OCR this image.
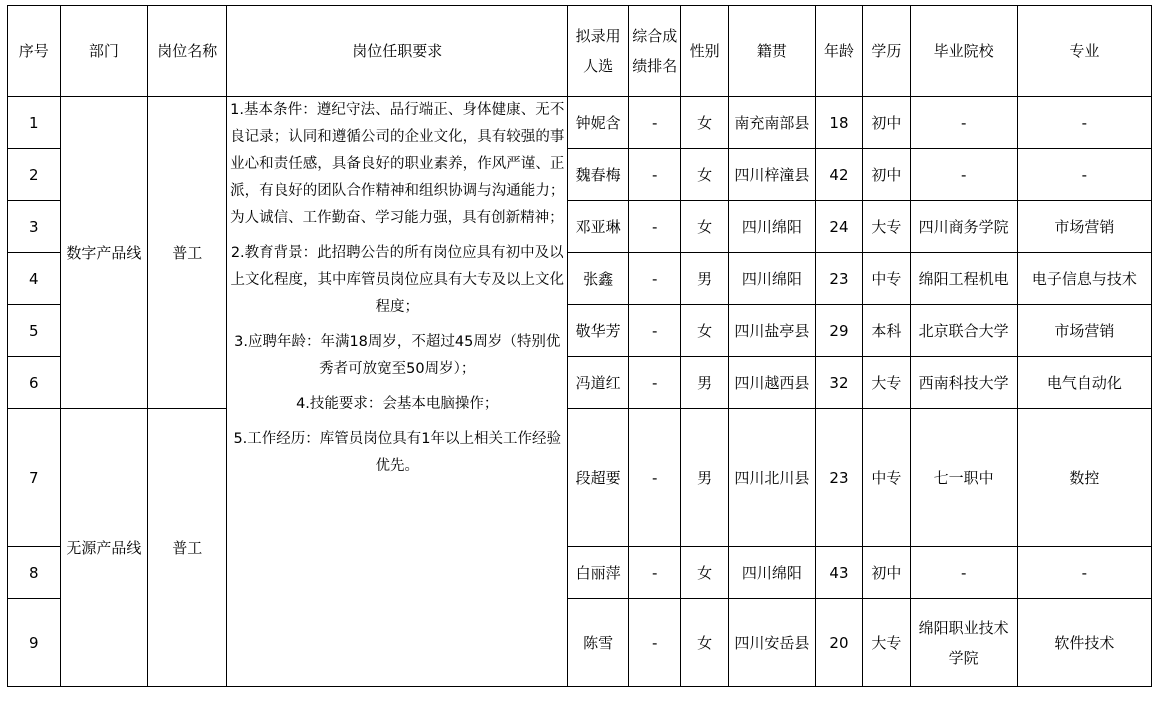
序号	部门	岗位名称	岗位任职要求	拟录用人选	综合成绩排名	性别	籍贯	年龄	学历	毕业院校	专业
1	数字产品线	普工	1.基本条件：遵纪守法、品行端正、身体健康、无不良记录；认同和遵循公司的企业文化，具有较强的事业心和责任感，具备良好的职业素养，作风严谨、正派，有良好的团队合作精神和组织协调与沟通能力；为人诚信、工作勤奋、学习能力强，具有创新精神；
2.教育背景：此招聘公告的所有岗位应具有初中及以上文化程度，其中库管员岗位应具有大专及以上文化程度；
3.应聘年龄：年满18周岁，不超过45周岁（特别优秀者可放宽至50周岁）；
4.技能要求：会基本电脑操作；
5.工作经历：库管员岗位具有1年以上相关工作经验优先。	钟妮含	-	女	南充南部县	18	初中	-	-
2				魏春梅	-	女	四川梓潼县	42	初中	-	-
3				邓亚琳	-	女	四川绵阳	24	大专	四川商务学院	市场营销
4				张鑫	-	男	四川绵阳	23	中专	绵阳工程机电	电子信息与技术
5				敬华芳	-	女	四川盐亭县	29	本科	北京联合大学	市场营销
6				冯道红	-	男	四川越西县	32	大专	西南科技大学	电气自动化
7	无源产品线	普工		段超要	-	男	四川北川县	23	中专	七一职中	数控
8				白丽萍	-	女	四川绵阳	43	初中	-	-
9				陈雪	-	女	四川安岳县	20	大专	绵阳职业技术学院	软件技术
